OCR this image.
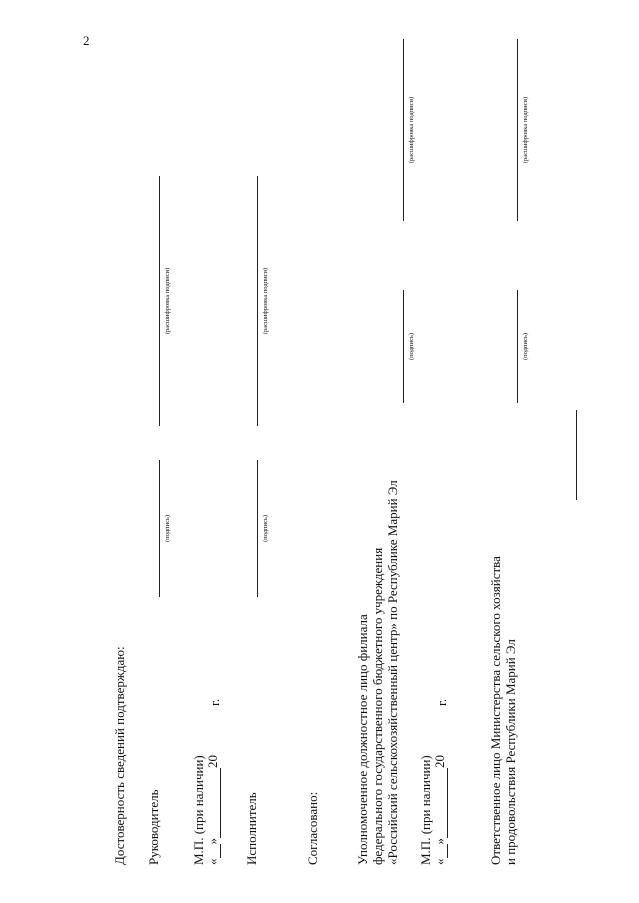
2
Достоверность сведений подтверждаю: Руководитель
(подпись)
(расшифровка подписи)
М.П. (при наличии) «»20
г.
Исполнитель
(подпись)
(расшифровка подписи)
Согласовано:	Уполномоченное должностное лицо филиала федерального государственного бюджетного учреждения «Российский сельскохозяйственный центр» по Республике Марий Эл
(подпись)
(расшифровка подписи)
М.П. (при наличии) «»20
г.	Ответственное лицо Министерства сельского хозяйства и продовольствия Республики Марий Эл
(подпись)
(расшифровка подписи)
